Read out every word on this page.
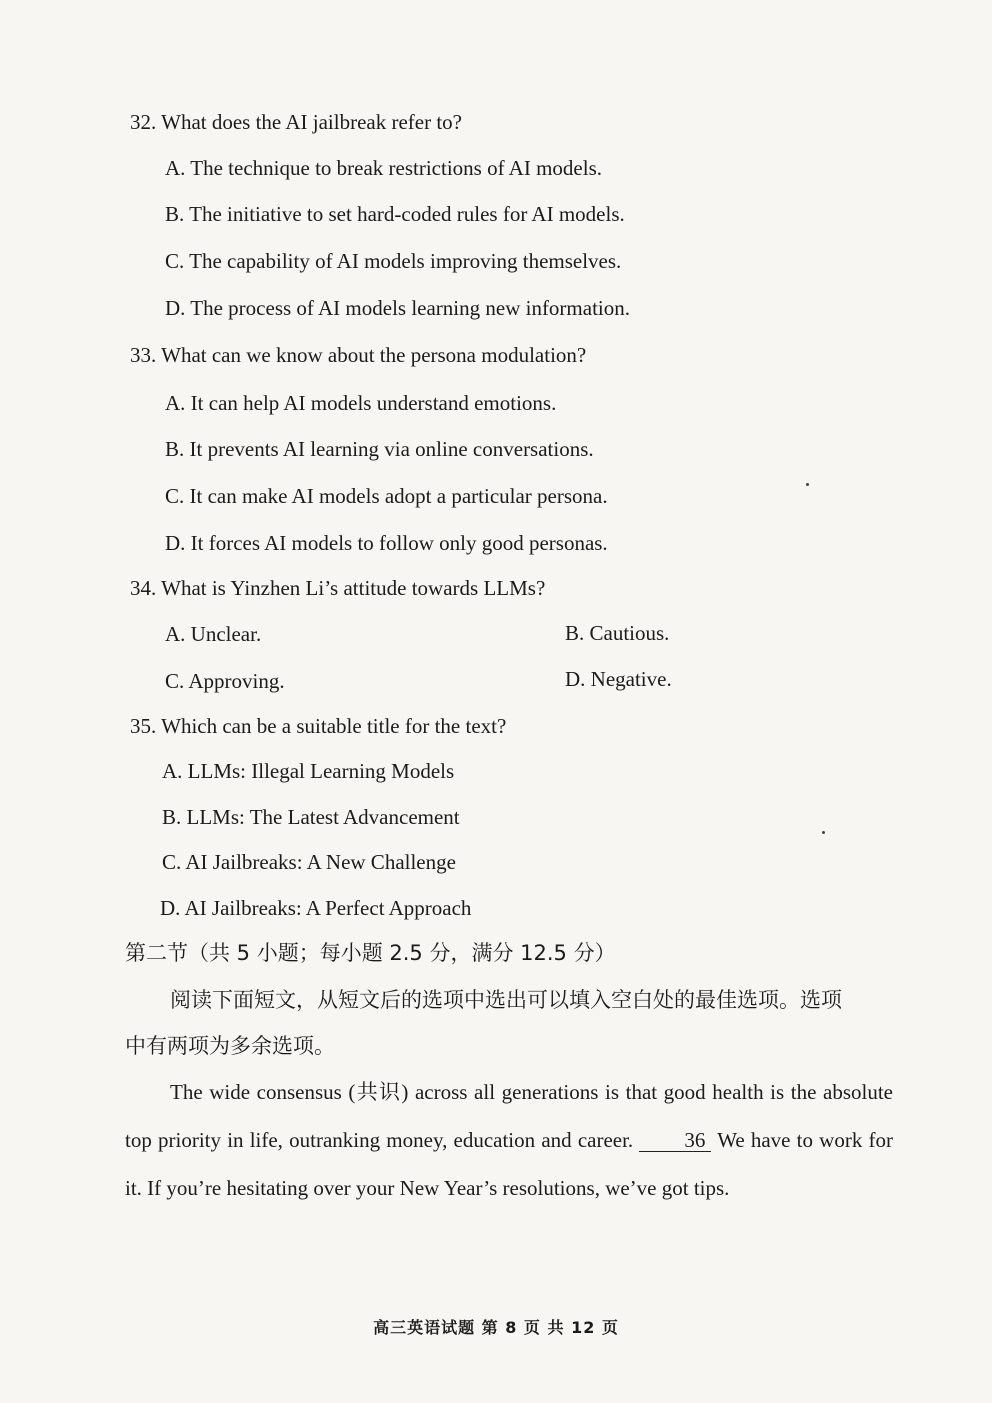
32. What does the AI jailbreak refer to?
A. The technique to break restrictions of AI models.
B. The initiative to set hard-coded rules for AI models.
C. The capability of AI models improving themselves.
D. The process of AI models learning new information.
33. What can we know about the persona modulation?
A. It can help AI models understand emotions.
B. It prevents AI learning via online conversations.
C. It can make AI models adopt a particular persona.
D. It forces AI models to follow only good personas.
34. What is Yinzhen Li’s attitude towards LLMs?
A. Unclear.	B. Cautious.
C. Approving.	D. Negative.
35. Which can be a suitable title for the text?
A. LLMs: Illegal Learning Models
B. LLMs: The Latest Advancement
C. AI Jailbreaks: A New Challenge
D. AI Jailbreaks: A Perfect Approach
第二节（共 5 小题；每小题 2.5 分，满分 12.5 分）
阅读下面短文，从短文后的选项中选出可以填入空白处的最佳选项。选项
中有两项为多余选项。

The wide consensus (共识) across all generations is that good health is the absolute top priority in life, outranking money, education and career. 36 We have to work for it. If you’re hesitating over your New Year’s resolutions, we’ve got tips.

高三英语试题 第 8 页 共 12 页
